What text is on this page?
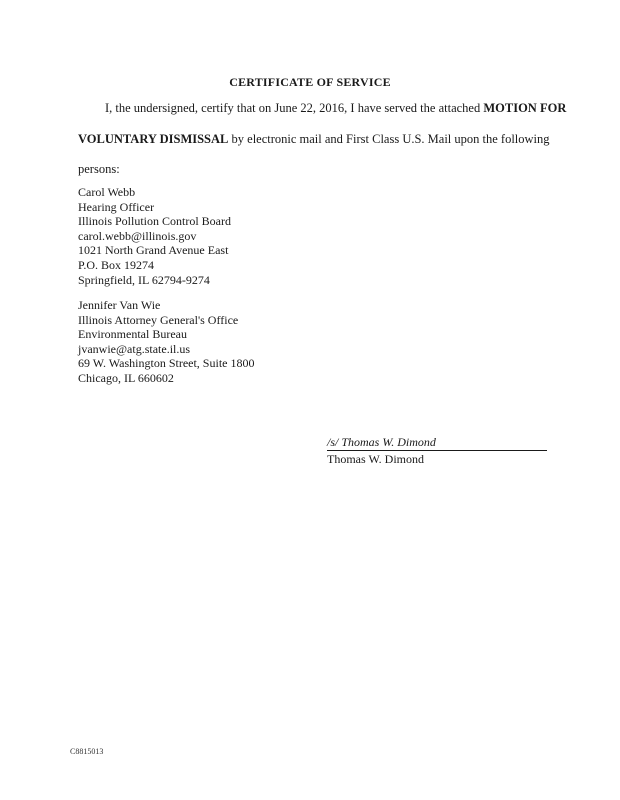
CERTIFICATE OF SERVICE
I, the undersigned, certify that on June 22, 2016, I have served the attached MOTION FOR
VOLUNTARY DISMISSAL by electronic mail and First Class U.S. Mail upon the following
persons:
Carol Webb
Hearing Officer
Illinois Pollution Control Board
carol.webb@illinois.gov
1021 North Grand Avenue East
P.O. Box 19274
Springfield, IL 62794-9274
Jennifer Van Wie
Illinois Attorney General's Office
Environmental Bureau
jvanwie@atg.state.il.us
69 W. Washington Street, Suite 1800
Chicago, IL 660602
/s/ Thomas W. Dimond
Thomas W. Dimond
C8815013
